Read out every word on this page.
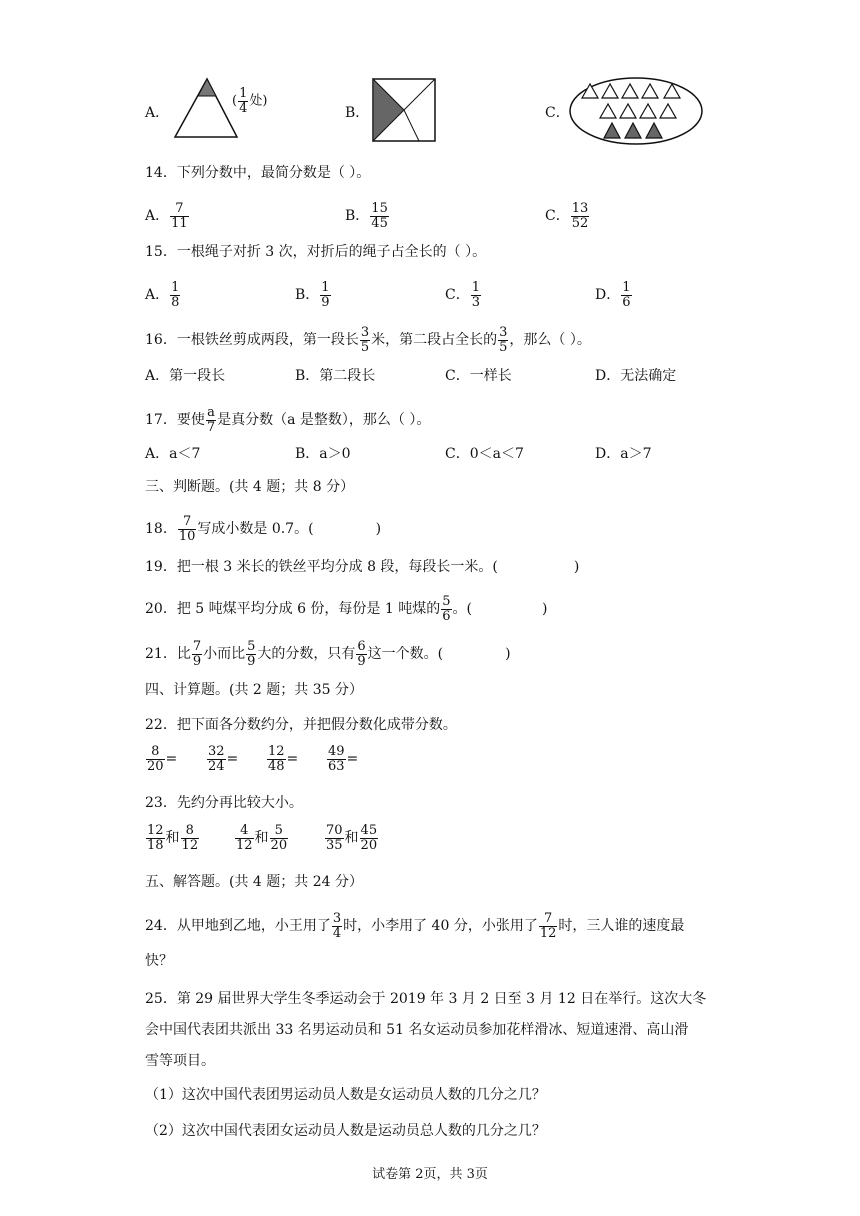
A．
( $\frac{1}{4}$ 处)
B．	C．
14．下列分数中，最简分数是（ ）。
A． $\frac{7}{11}$	B． $\frac{15}{45}$	C． $\frac{13}{52}$
15．一根绳子对折 3 次，对折后的绳子占全长的（ ）。
A． $\frac{1}{8}$	B． $\frac{1}{9}$	C． $\frac{1}{3}$	D． $\frac{1}{6}$
16．一根铁丝剪成两段，第一段长 $\frac{3}{5}$ 米，第二段占全长的 $\frac{3}{5}$ ，那么（ ）。
A．第一段长	B．第二段长	C．一样长	D．无法确定
17．要使 $\frac{a}{7}$ 是真分数（a 是整数），那么（ ）。
A．a＜7	B．a＞0	C．0＜a＜7	D．a＞7
三、判断题。(共 4 题；共 8 分）
18． $\frac{7}{10}$ 写成小数是 0.7。(	)
19．把一根 3 米长的铁丝平均分成 8 段，每段长一米。(	)
20．把 5 吨煤平均分成 6 份，每份是 1 吨煤的 $\frac{5}{6}$ 。(	)
21．比 $\frac{7}{9}$ 小而比 $\frac{5}{9}$ 大的分数，只有 $\frac{6}{9}$ 这一个数。(	)
四、计算题。(共 2 题；共 35 分）
22．把下面各分数约分，并把假分数化成带分数。
$\frac{8}{20} = \frac{32}{24} = \frac{12}{48} = \frac{49}{63}$ =
23．先约分再比较大小。
$\frac{12}{18}$ 和 $\frac{8}{12}$	$\frac{4}{12}$ 和 $\frac{5}{20}$	$\frac{70}{35}$ 和 $\frac{45}{20}$
五、解答题。(共 4 题；共 24 分）
24．从甲地到乙地，小王用了 $\frac{3}{4}$ 时，小李用了 40 分，小张用了 $\frac{7}{12}$ 时，三人谁的速度最
快？
25．第 29 届世界大学生冬季运动会于 2019 年 3 月 2 日至 3 月 12 日在举行。这次大冬
会中国代表团共派出 33 名男运动员和 51 名女运动员参加花样滑冰、短道速滑、高山滑
雪等项目。
（1）这次中国代表团男运动员人数是女运动员人数的几分之几？
（2）这次中国代表团女运动员人数是运动员总人数的几分之几？
试卷第 2页，共 3页
